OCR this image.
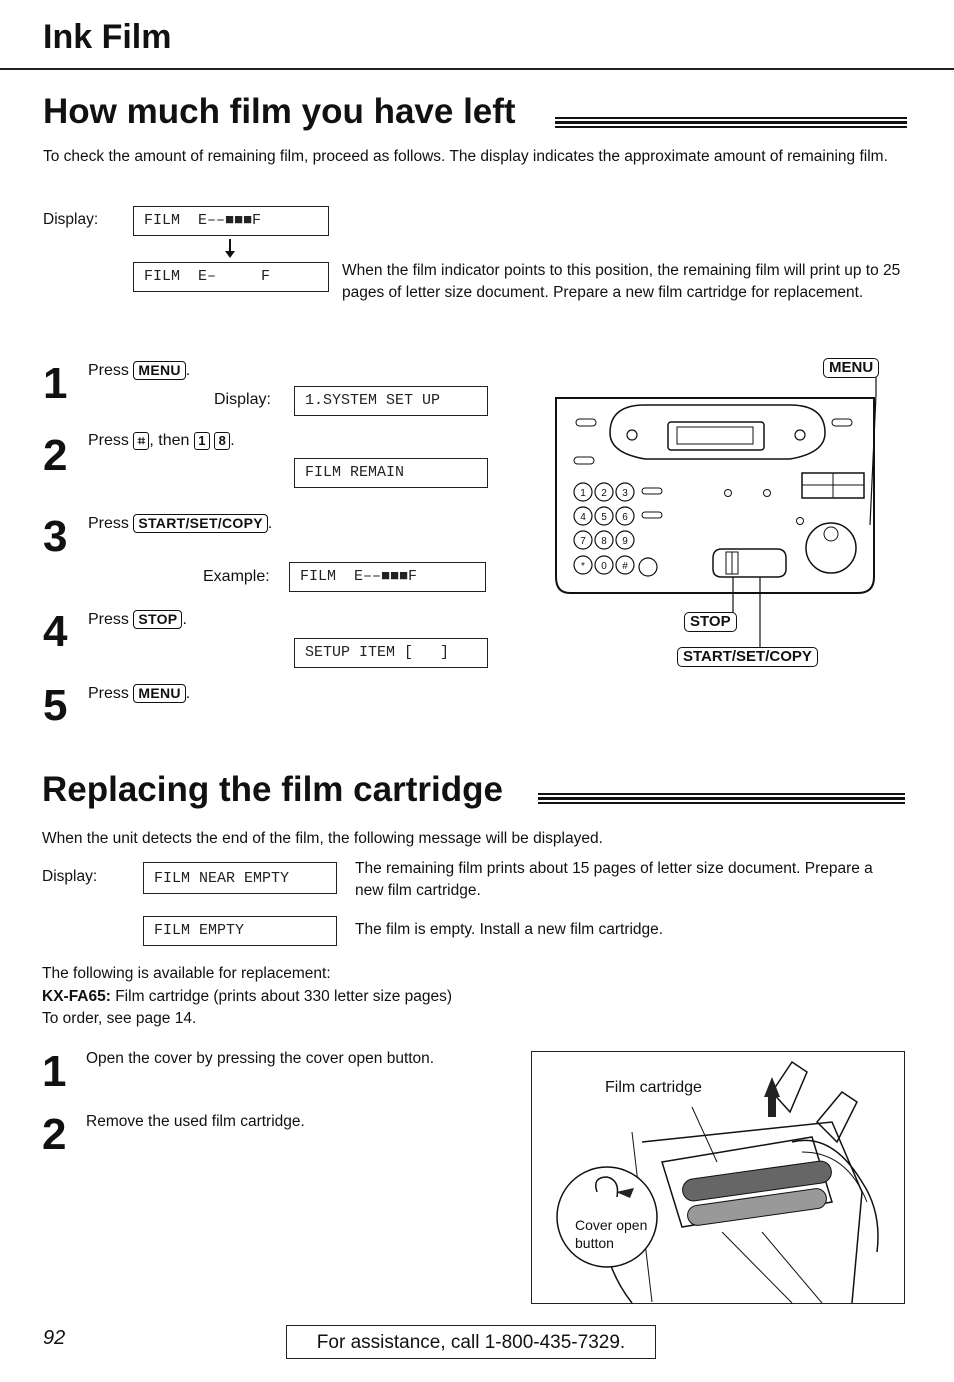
Ink Film
How much film you have left
To check the amount of remaining film, proceed as follows. The display indicates the approximate amount of remaining film.
Display:	FILM  E‒‒■■■F
FILM  E‒     F	When the film indicator points to this position, the remaining film will print up to 25 pages of letter size document. Prepare a new film cartridge for replacement.
1 Press MENU .
Display:	1.SYSTEM SET UP
2 Press ⌗ , then 1 8 .
FILM REMAIN
3 Press START/SET/COPY .
Example:	FILM  E‒‒■■■F
4 Press STOP .
SETUP ITEM [   ]
5 Press MENU .
1 2 3
4 5 6
7 8 9
* 0 #
MENU
STOP
START/SET/COPY
Replacing the film cartridge
When the unit detects the end of the film, the following message will be displayed.
Display:	FILM NEAR EMPTY
The remaining film prints about 15 pages of letter size document. Prepare a new film cartridge.
FILM EMPTY	The film is empty. Install a new film cartridge.
The following is available for replacement:
KX-FA65: Film cartridge (prints about 330 letter size pages)
To order, see page 14.
1 Open the cover by pressing the cover open button.
2 Remove the used film cartridge.
Film cartridge
Cover open
button
92	For assistance, call 1-800-435-7329.
